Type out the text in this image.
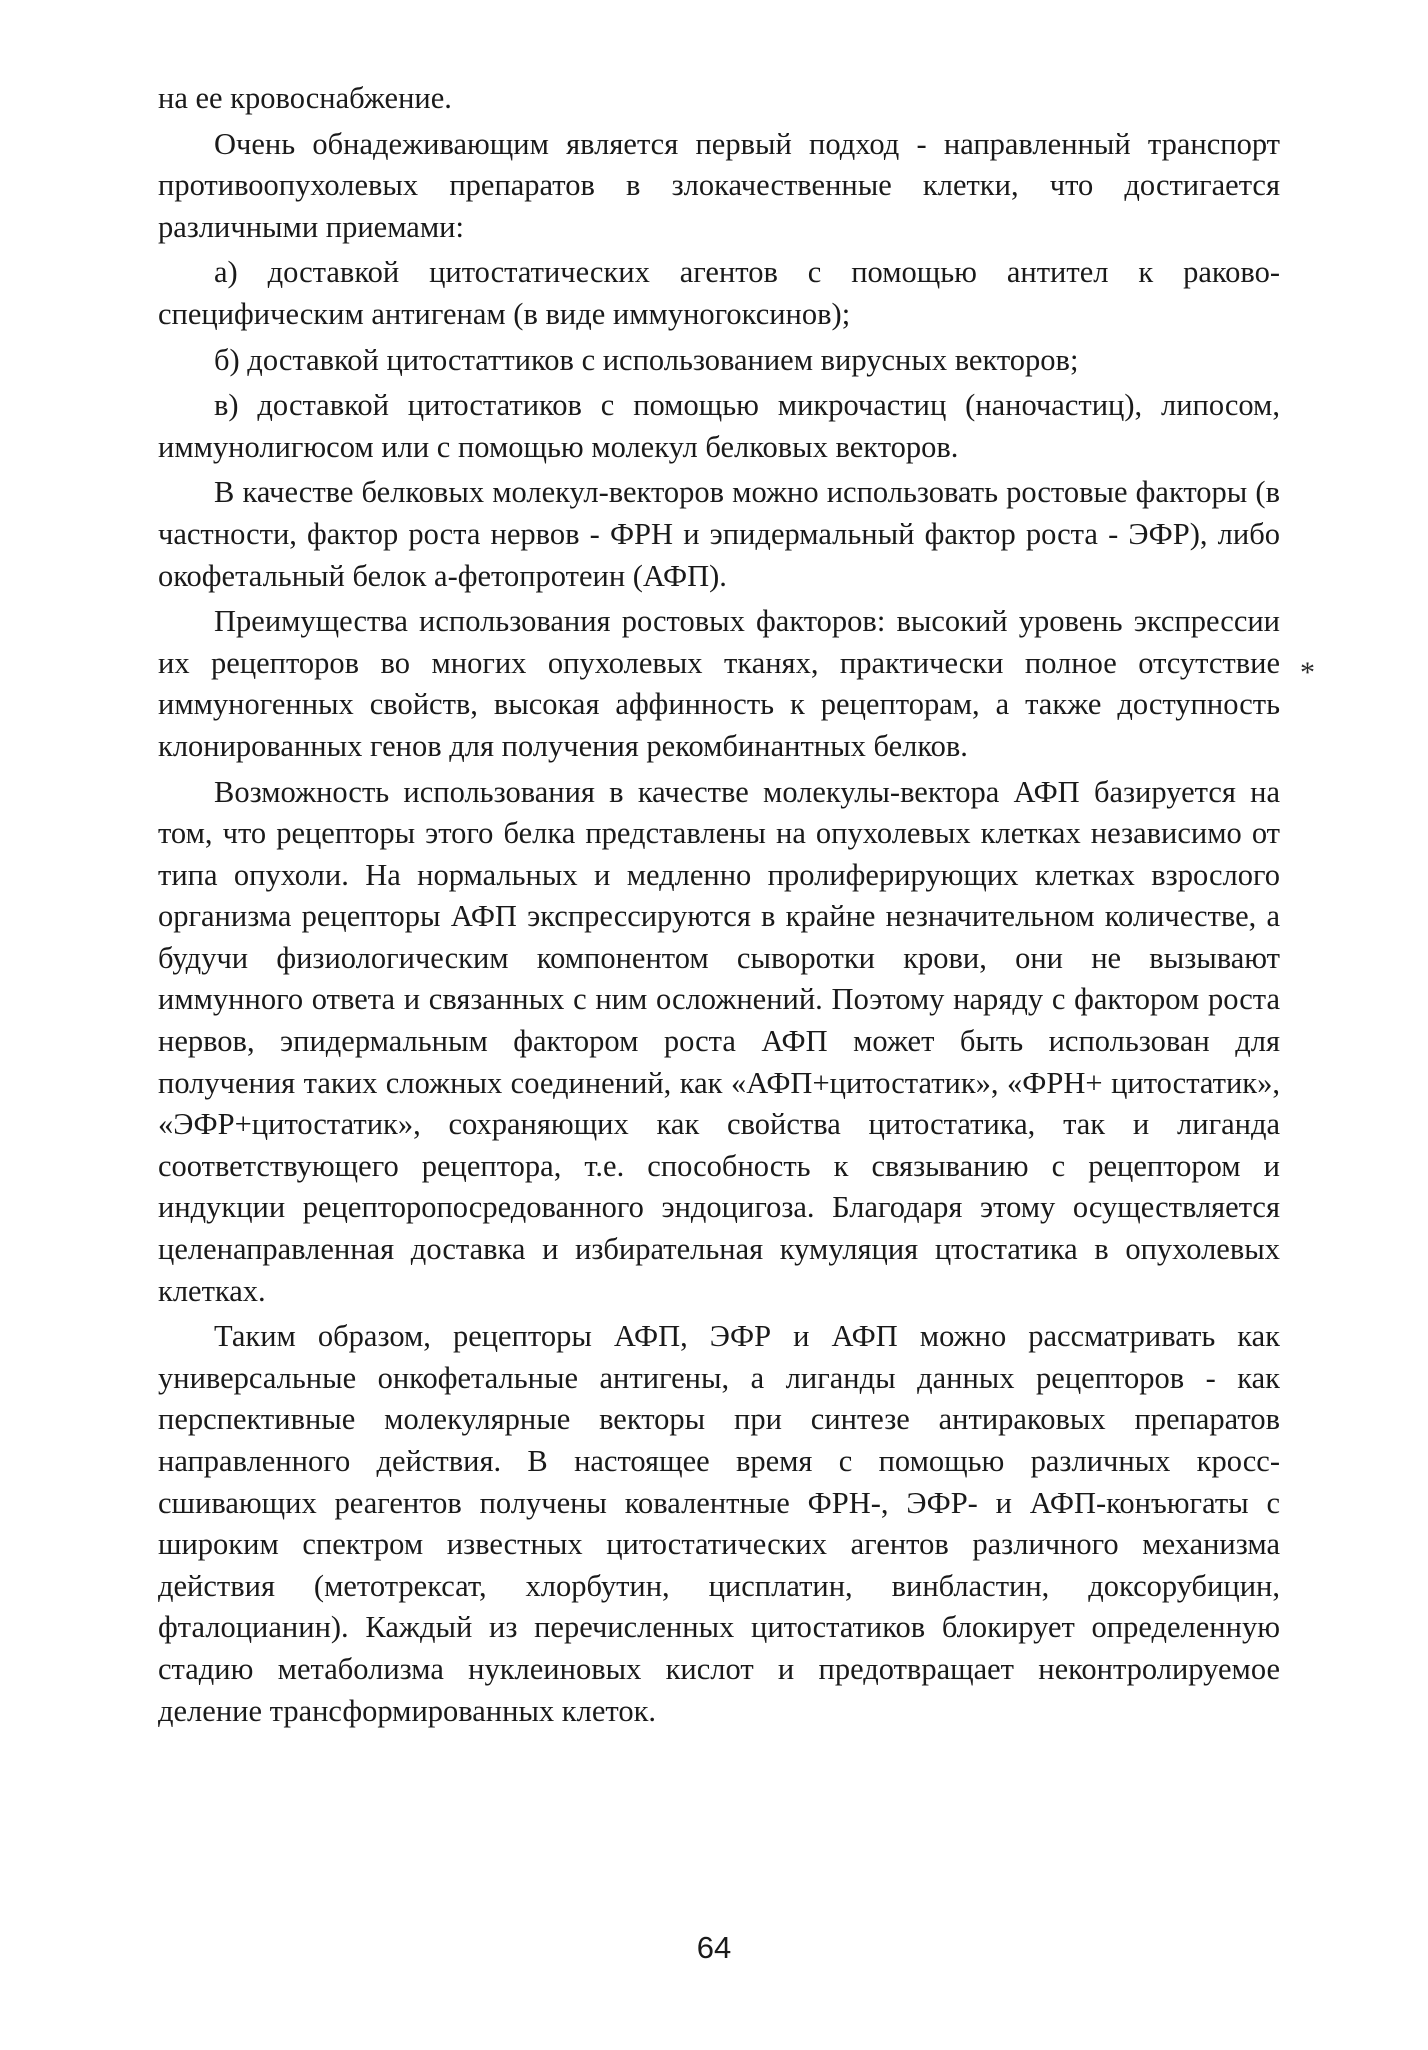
на ее кровоснабжение.

Очень обнадеживающим является первый подход - направленный транспорт противоопухолевых препаратов в злокачественные клетки, что достигается различными приемами:

а) доставкой цитостатических агентов с помощью антител к раково-специфическим антигенам (в виде иммуногоксинов);

б) доставкой цитостаттиков с использованием вирусных векторов;

в) доставкой цитостатиков с помощью микрочастиц (наночастиц), липосом, иммунолигюсом или с помощью молекул белковых векторов.

В качестве белковых молекул-векторов можно использовать ростовые факторы (в частности, фактор роста нервов - ФРН и эпидермальный фактор роста - ЭФР), либо окофетальный белок а-фетопротеин (АФП).

Преимущества использования ростовых факторов: высокий уровень экспрессии их рецепторов во многих опухолевых тканях, практически полное отсутствие иммуногенных свойств, высокая аффинность к рецепторам, а также доступность клонированных генов для получения рекомбинантных белков.

Возможность использования в качестве молекулы-вектора АФП базируется на том, что рецепторы этого белка представлены на опухолевых клетках независимо от типа опухоли. На нормальных и медленно пролиферирующих клетках взрослого организма рецепторы АФП экспрессируются в крайне незначительном количестве, а будучи физиологическим компонентом сыворотки крови, они не вызывают иммунного ответа и связанных с ним осложнений. Поэтому наряду с фактором роста нервов, эпидермальным фактором роста АФП может быть использован для получения таких сложных соединений, как «АФП+цитостатик», «ФРН+ цитостатик», «ЭФР+цитостатик», сохраняющих как свойства цитостатика, так и лиганда соответствующего рецептора, т.е. способность к связыванию с рецептором и индукции рецепторопосредованного эндоцигоза. Благодаря этому осуществляется целенаправленная доставка и избирательная кумуляция цтостатика в опухолевых клетках.

Таким образом, рецепторы АФП, ЭФР и АФП можно рассматривать как универсальные онкофетальные антигены, а лиганды данных рецепторов - как перспективные молекулярные векторы при синтезе антираковых препаратов направленного действия. В настоящее время с помощью различных кросс-сшивающих реагентов получены ковалентные ФРН-, ЭФР- и АФП-конъюгаты с широким спектром известных цитостатических агентов различного механизма действия (метотрексат, хлорбутин, цисплатин, винбластин, доксорубицин, фталоцианин). Каждый из перечисленных цитостатиков блокирует определенную стадию метаболизма нуклеиновых кислот и предотвращает неконтролируемое деление трансформированных клеток.

*
64
